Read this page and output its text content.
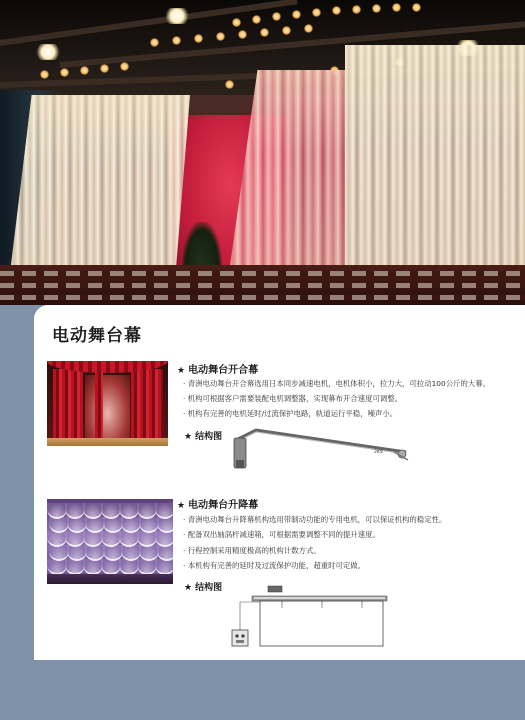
电动舞台幕

★ 电动舞台开合幕

· 青洲电动舞台开合幕选用日本同步减速电机，电机体积小，拉力大，可拉动100公斤的大幕。

· 机构可根据客户需要装配电机调整器，实现幕布开合速度可调整。

· 机构有完善的电机延时/过流保护电路，轨道运行平稳，噪声小。

★ 结构图

2KS

★ 电动舞台升降幕

· 青洲电动舞台升降幕机构选用带制动功能的专用电机，可以保证机构的稳定性。

· 配备双出轴涡杆减速箱，可根据需要调整不同的提升速度。

· 行程控制采用精度极高的机构计数方式。

· 本机构有完善的延时及过流保护功能，超重时可定做。

★ 结构图
